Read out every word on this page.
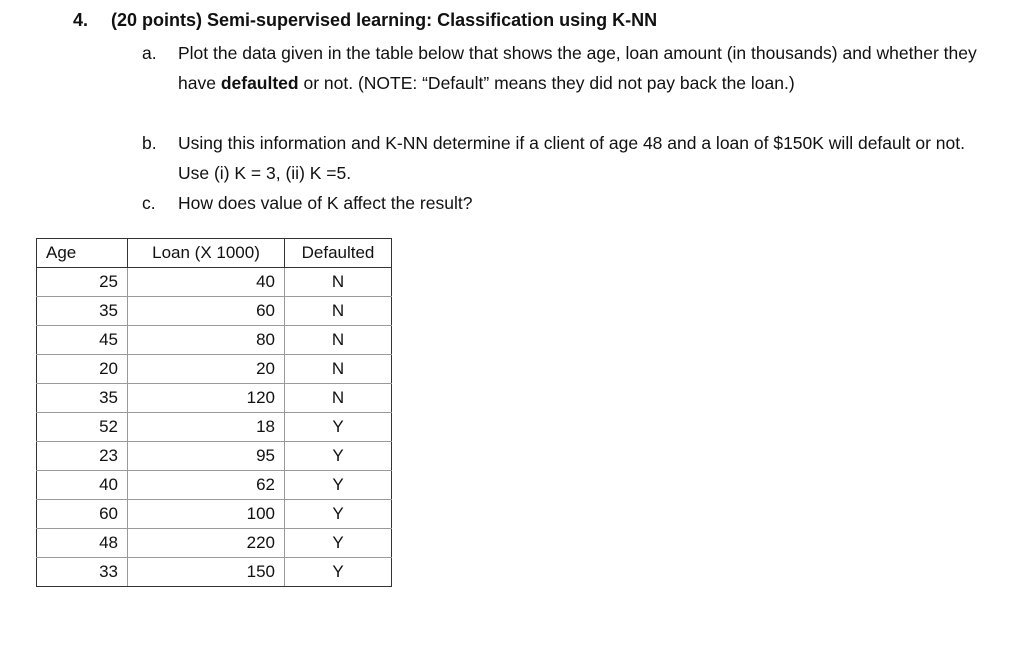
4. (20 points) Semi-supervised learning: Classification using K-NN
a.	Plot the data given in the table below that shows the age, loan amount (in thousands) and whether they have defaulted or not. (NOTE: “Default” means they did not pay back the loan.)
b.	Using this information and K-NN determine if a client of age 48 and a loan of $150K will default or not. Use (i) K = 3, (ii) K =5.
c.	How does value of K affect the result?
Age	Loan (X 1000)	Defaulted
25	40	N
35	60	N
45	80	N
20	20	N
35	120	N
52	18	Y
23	95	Y
40	62	Y
60	100	Y
48	220	Y
33	150	Y
